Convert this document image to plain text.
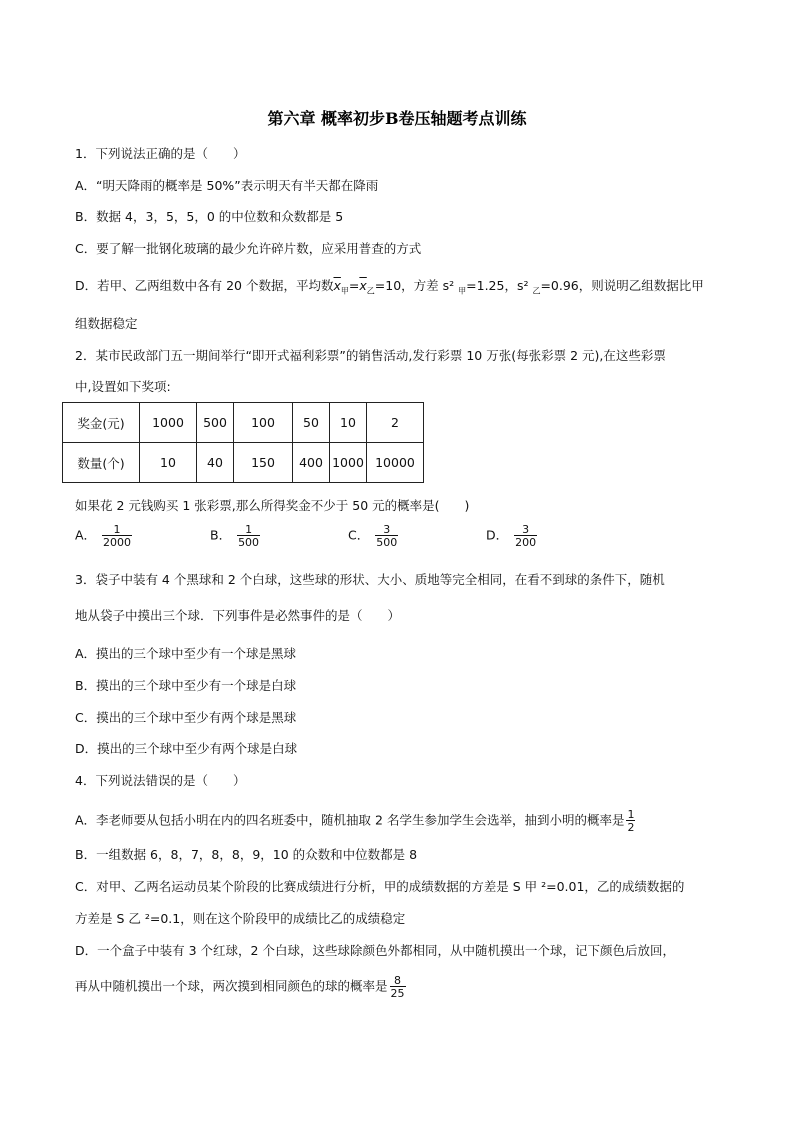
第六章 概率初步B卷压轴题考点训练
1．下列说法正确的是（　　）
A．“明天降雨的概率是 50%”表示明天有半天都在降雨
B．数据 4，3，5，5，0 的中位数和众数都是 5
C．要了解一批钢化玻璃的最少允许碎片数，应采用普查的方式
D．若甲、乙两组数中各有 20 个数据，平均数$\overline{x}_甲=\overline{x}_乙=10$，方差 s² $_甲$=1.25，s² $_乙$=0.96，则说明乙组数据比甲
组数据稳定
2．某市民政部门五一期间举行“即开式福利彩票”的销售活动,发行彩票 10 万张(每张彩票 2 元),在这些彩票
中,设置如下奖项:
奖金(元)	1000	500	100	50	10	2
数量(个)	10	40	150	400	1000	10000
如果花 2 元钱购买 1 张彩票,那么所得奖金不少于 50 元的概率是(　　)
A． $\frac{1}{2000}$	B． $\frac{1}{500}$	C． $\frac{3}{500}$	D． $\frac{3}{200}$
3．袋子中装有 4 个黑球和 2 个白球，这些球的形状、大小、质地等完全相同，在看不到球的条件下，随机
地从袋子中摸出三个球．下列事件是必然事件的是（　　）
A．摸出的三个球中至少有一个球是黑球
B．摸出的三个球中至少有一个球是白球
C．摸出的三个球中至少有两个球是黑球
D．摸出的三个球中至少有两个球是白球
4．下列说法错误的是（　　）
A．李老师要从包括小明在内的四名班委中，随机抽取 2 名学生参加学生会选举，抽到小明的概率是 $\frac{1}{2}$
B．一组数据 6，8，7，8，8，9，10 的众数和中位数都是 8
C．对甲、乙两名运动员某个阶段的比赛成绩进行分析，甲的成绩数据的方差是 S 甲 ²=0.01，乙的成绩数据的
方差是 S 乙 ²=0.1，则在这个阶段甲的成绩比乙的成绩稳定
D．一个盒子中装有 3 个红球，2 个白球，这些球除颜色外都相同，从中随机摸出一个球，记下颜色后放回，
再从中随机摸出一个球，两次摸到相同颜色的球的概率是 $\frac{8}{25}$
